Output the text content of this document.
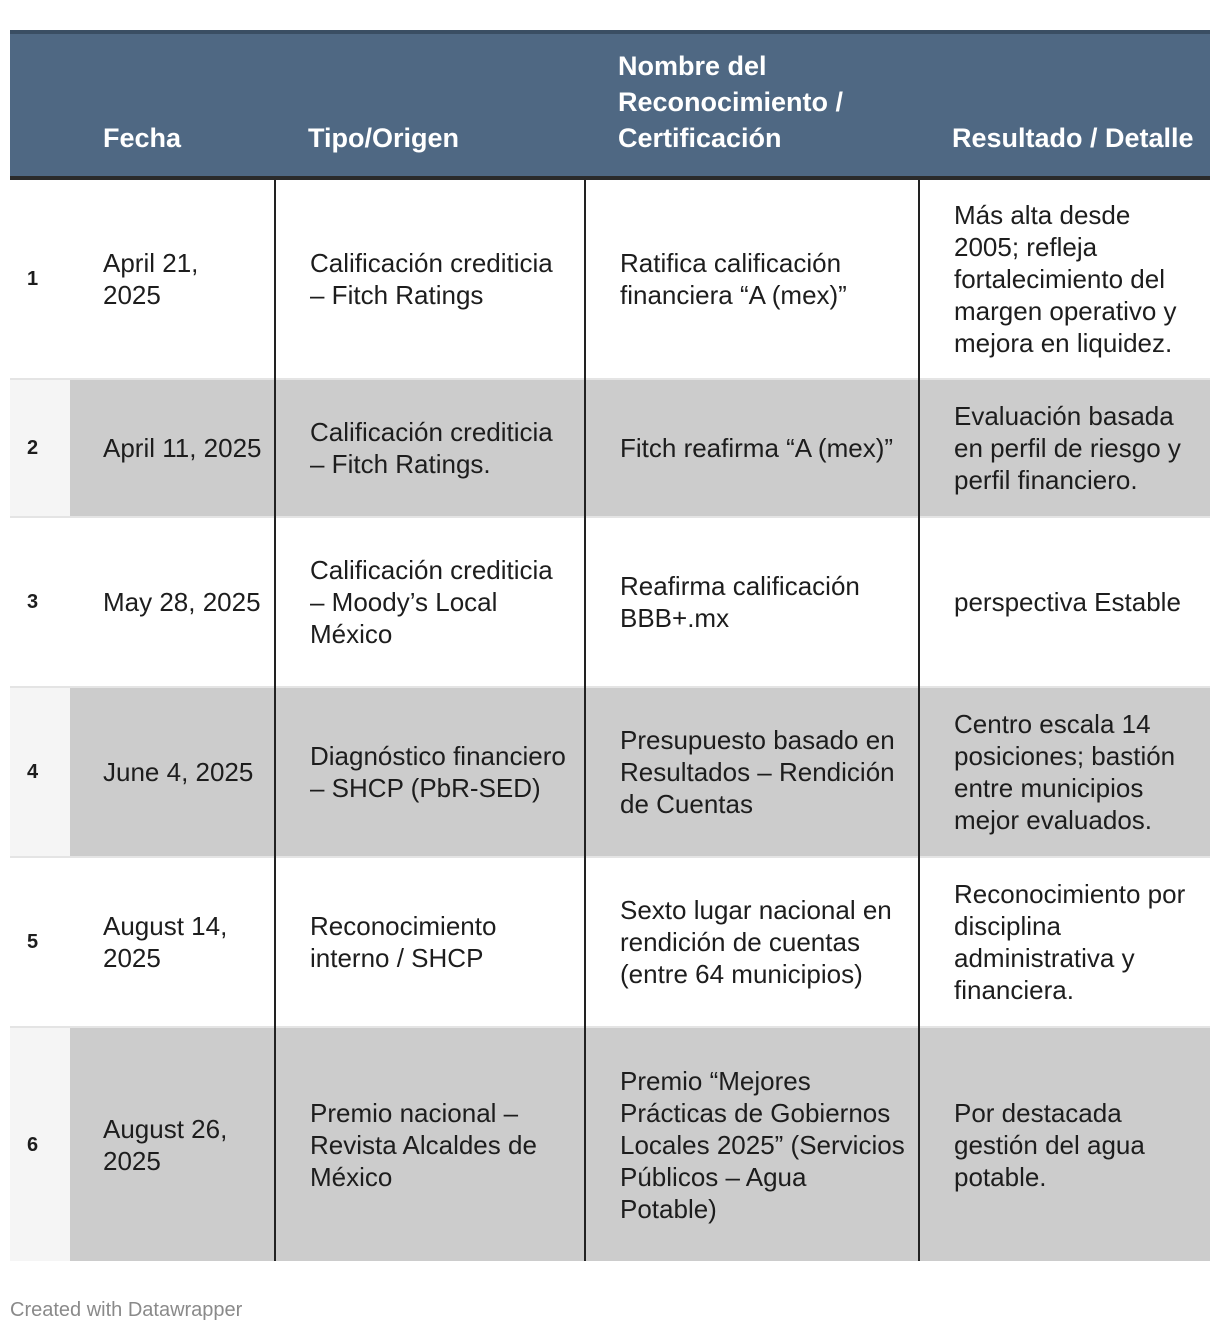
	Fecha	Tipo/Origen	Nombre del Reconocimiento / Certificación	Resultado / Detalle
1	April 21, 2025	Calificación crediticia – Fitch Ratings	Ratifica calificación financiera “A (mex)”	Más alta desde 2005; refleja fortalecimiento del margen operativo y mejora en liquidez.
2	April 11, 2025	Calificación crediticia – Fitch Ratings.	Fitch reafirma “A (mex)”	Evaluación basada en perfil de riesgo y perfil financiero.
3	May 28, 2025	Calificación crediticia – Moody’s Local México	Reafirma calificación BBB+.mx	perspectiva Estable
4	June 4, 2025	Diagnóstico financiero – SHCP (PbR-SED)	Presupuesto basado en Resultados – Rendición de Cuentas	Centro escala 14 posiciones; bastión entre municipios mejor evaluados.
5	August 14, 2025	Reconocimiento interno / SHCP	Sexto lugar nacional en rendición de cuentas (entre 64 municipios)	Reconocimiento por disciplina administrativa y financiera.
6	August 26, 2025	Premio nacional – Revista Alcaldes de México	Premio “Mejores Prácticas de Gobiernos Locales 2025” (Servicios Públicos – Agua Potable)	Por destacada gestión del agua potable.
Created with Datawrapper
